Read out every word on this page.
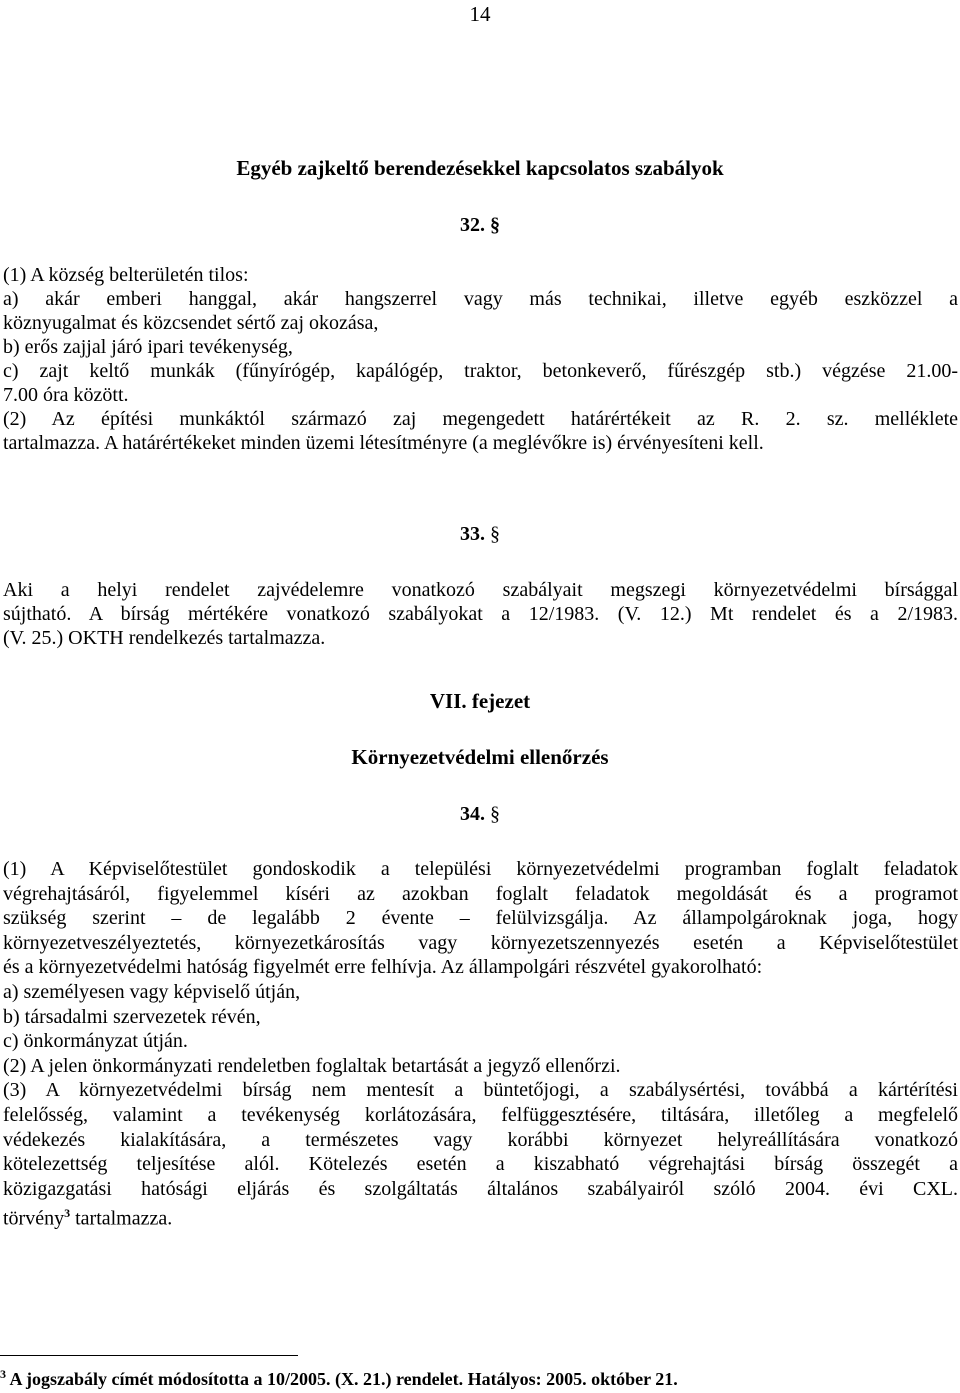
14
Egyéb zajkeltő berendezésekkel kapcsolatos szabályok
32. §
(1) A község belterületén tilos:
a) akár emberi hanggal, akár hangszerrel vagy más technikai, illetve egyéb eszközzel a
köznyugalmat és közcsendet sértő zaj okozása,
b) erős zajjal járó ipari tevékenység,
c) zajt keltő munkák (fűnyírógép, kapálógép, traktor, betonkeverő, fűrészgép stb.) végzése 21.00-
7.00 óra között.
(2) Az építési munkáktól származó zaj megengedett határértékeit az R. 2. sz. melléklete
tartalmazza. A határértékeket minden üzemi létesítményre (a meglévőkre is) érvényesíteni kell.
33. §
Aki a helyi rendelet zajvédelemre vonatkozó szabályait megszegi környezetvédelmi bírsággal
sújtható. A bírság mértékére vonatkozó szabályokat a 12/1983. (V. 12.) Mt rendelet és a 2/1983.
(V. 25.) OKTH rendelkezés tartalmazza.
VII. fejezet
Környezetvédelmi ellenőrzés
34. §
(1) A Képviselőtestület gondoskodik a települési környezetvédelmi programban foglalt feladatok
végrehajtásáról, figyelemmel kíséri az azokban foglalt feladatok megoldását és a programot
szükség szerint – de legalább 2 évente – felülvizsgálja. Az állampolgároknak joga, hogy
környezetveszélyeztetés, környezetkárosítás vagy környezetszennyezés esetén a Képviselőtestület
és a környezetvédelmi hatóság figyelmét erre felhívja. Az állampolgári részvétel gyakorolható:
a) személyesen vagy képviselő útján,
b) társadalmi szervezetek révén,
c) önkormányzat útján.
(2) A jelen önkormányzati rendeletben foglaltak betartását a jegyző ellenőrzi.
(3) A környezetvédelmi bírság nem mentesít a büntetőjogi, a szabálysértési, továbbá a kártérítési
felelősség, valamint a tevékenység korlátozására, felfüggesztésére, tiltására, illetőleg a megfelelő
védekezés kialakítására, a természetes vagy korábbi környezet helyreállítására vonatkozó
kötelezettség teljesítése alól. Kötelezés esetén a kiszabható végrehajtási bírság összegét a
közigazgatási hatósági eljárás és szolgáltatás általános szabályairól szóló 2004. évi CXL.
törvény$^3$ tartalmazza.
$^3$ A jogszabály címét módosította a 10/2005. (X. 21.) rendelet. Hatályos: 2005. október 21.
